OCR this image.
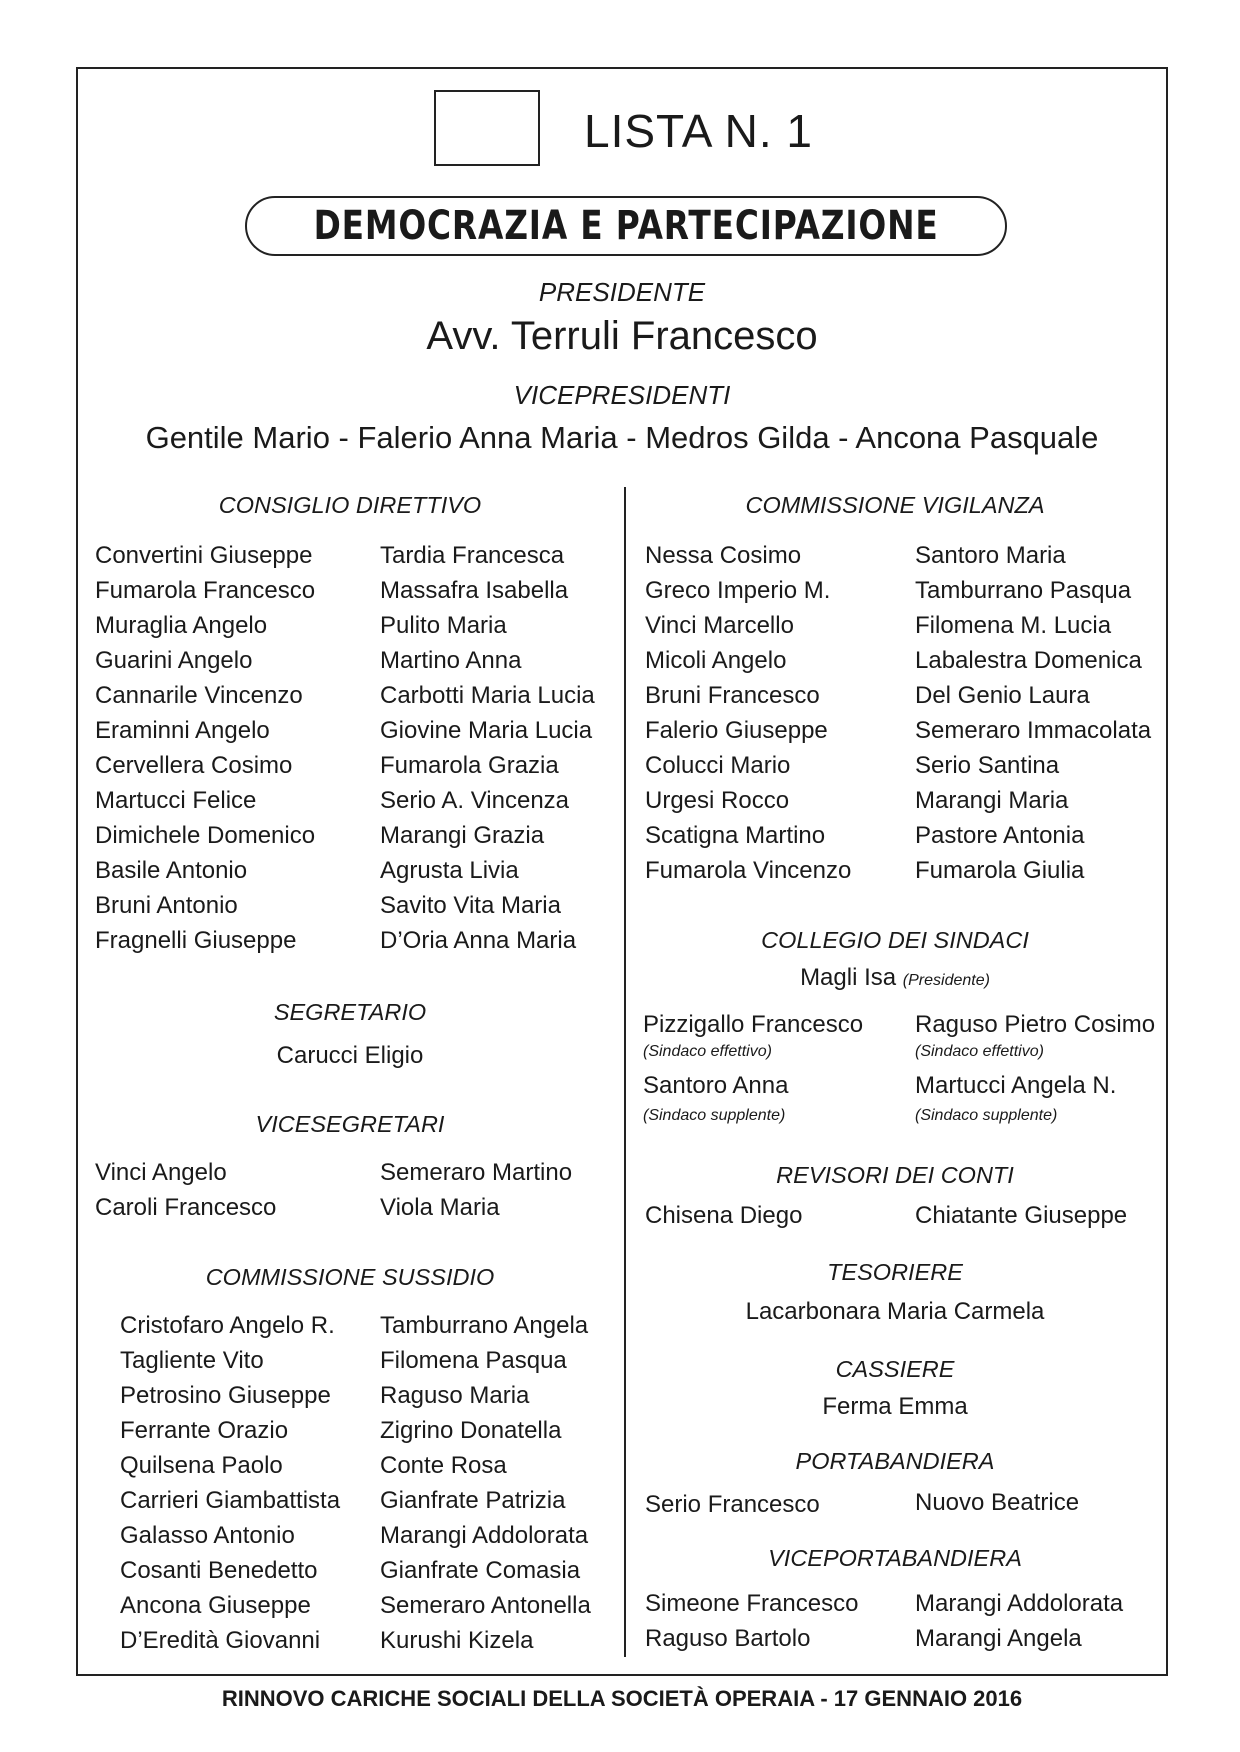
LISTA N. 1
DEMOCRAZIA E PARTECIPAZIONE
PRESIDENTE
Avv. Terruli Francesco
VICEPRESIDENTI
Gentile Mario - Falerio Anna Maria - Medros Gilda - Ancona Pasquale
CONSIGLIO DIRETTIVO
Convertini Giuseppe
Fumarola Francesco
Muraglia Angelo
Guarini Angelo
Cannarile Vincenzo
Eraminni Angelo
Cervellera Cosimo
Martucci Felice
Dimichele Domenico
Basile Antonio
Bruni Antonio
Fragnelli Giuseppe
Tardia Francesca
Massafra Isabella
Pulito Maria
Martino Anna
Carbotti Maria Lucia
Giovine Maria Lucia
Fumarola Grazia
Serio A. Vincenza
Marangi Grazia
Agrusta Livia
Savito Vita Maria
D’Oria Anna Maria
SEGRETARIO
Carucci Eligio
VICESEGRETARI
Vinci Angelo
Caroli Francesco
Semeraro Martino
Viola Maria
COMMISSIONE SUSSIDIO
Cristofaro Angelo R.
Tagliente Vito
Petrosino Giuseppe
Ferrante Orazio
Quilsena Paolo
Carrieri Giambattista
Galasso Antonio
Cosanti Benedetto
Ancona Giuseppe
D’Eredità Giovanni
Tamburrano Angela
Filomena Pasqua
Raguso Maria
Zigrino Donatella
Conte Rosa
Gianfrate Patrizia
Marangi Addolorata
Gianfrate Comasia
Semeraro Antonella
Kurushi Kizela
COMMISSIONE VIGILANZA
Nessa Cosimo
Greco Imperio M.
Vinci Marcello
Micoli Angelo
Bruni Francesco
Falerio Giuseppe
Colucci Mario
Urgesi Rocco
Scatigna Martino
Fumarola Vincenzo
Santoro Maria
Tamburrano Pasqua
Filomena M. Lucia
Labalestra Domenica
Del Genio Laura
Semeraro Immacolata
Serio Santina
Marangi Maria
Pastore Antonia
Fumarola Giulia
COLLEGIO DEI SINDACI
Magli Isa (Presidente)
Pizzigallo Francesco
(Sindaco effettivo)
Raguso Pietro Cosimo
(Sindaco effettivo)
Santoro Anna
(Sindaco supplente)
Martucci Angela N.
(Sindaco supplente)
REVISORI DEI CONTI
Chisena Diego	Chiatante Giuseppe
TESORIERE
Lacarbonara Maria Carmela
CASSIERE
Ferma Emma
PORTABANDIERA
Serio Francesco	Nuovo Beatrice
VICEPORTABANDIERA
Simeone Francesco
Raguso Bartolo
Marangi Addolorata
Marangi Angela
RINNOVO CARICHE SOCIALI DELLA SOCIETÀ OPERAIA - 17 GENNAIO 2016
